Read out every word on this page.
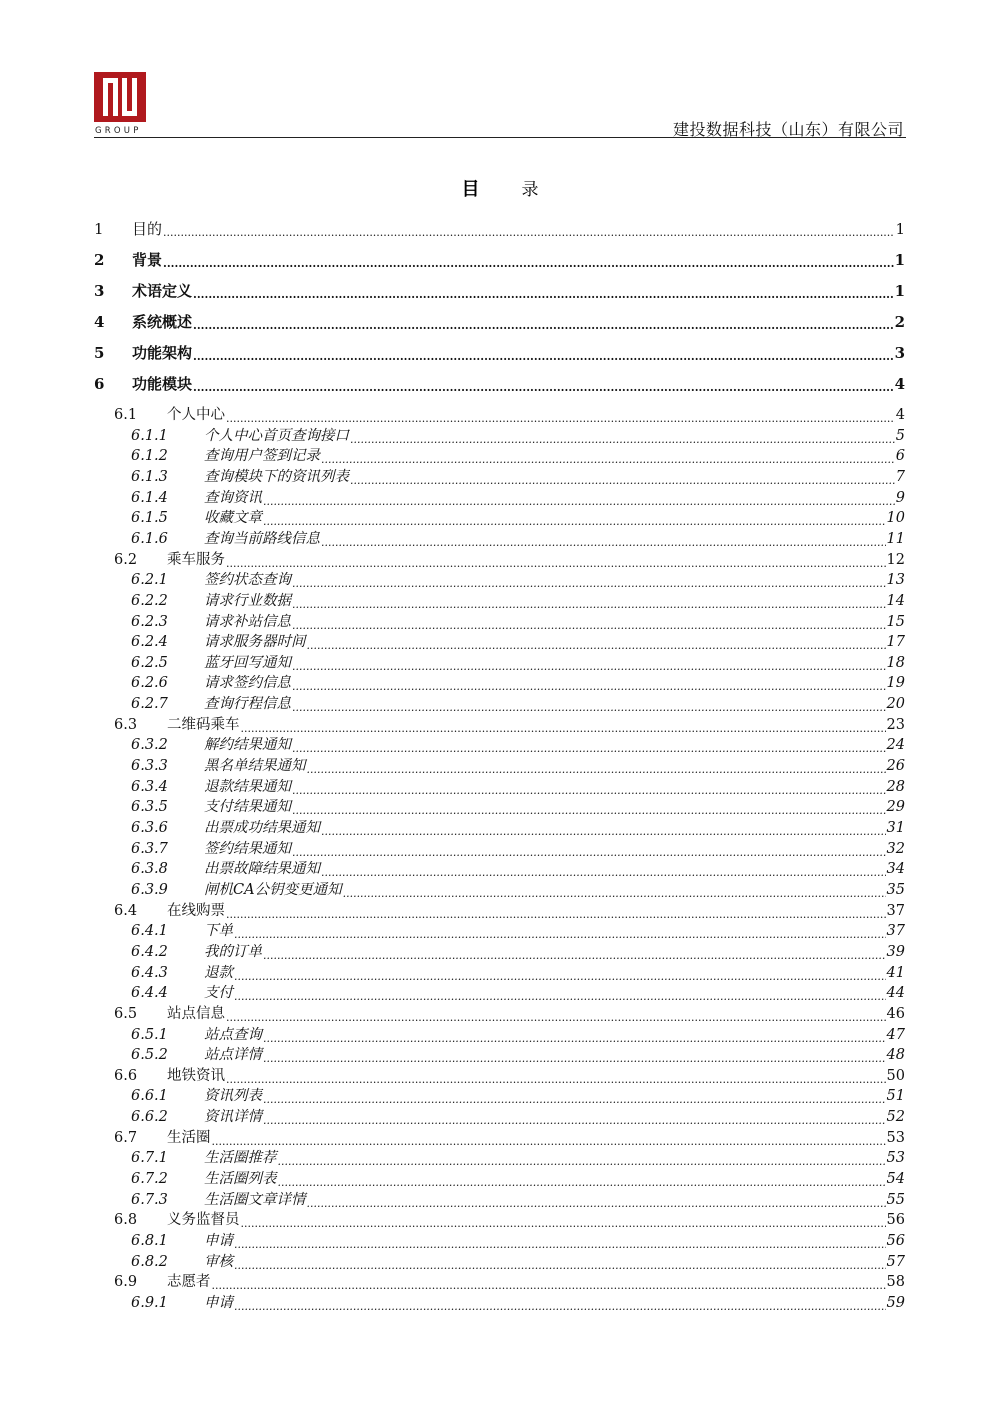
GROUP	建投数据科技（山东）有限公司
目 录
1	目的 .....	1
2	背景 .....	1
3	术语定义 .....	1
4	系统概述 .....	2
5	功能架构 .....	3
6	功能模块 .....	4
6.1	个人中心 .....	4
6.1.1	个人中心首页查询接口 .....	5
6.1.2	查询用户签到记录 .....	6
6.1.3	查询模块下的资讯列表 .....	7
6.1.4	查询资讯 .....	9
6.1.5	收藏文章 .....	10
6.1.6	查询当前路线信息 .....	11
6.2	乘车服务 .....	12
6.2.1	签约状态查询 .....	13
6.2.2	请求行业数据 .....	14
6.2.3	请求补站信息 .....	15
6.2.4	请求服务器时间 .....	17
6.2.5	蓝牙回写通知 .....	18
6.2.6	请求签约信息 .....	19
6.2.7	查询行程信息 .....	20
6.3	二维码乘车 .....	23
6.3.2	解约结果通知 .....	24
6.3.3	黑名单结果通知 .....	26
6.3.4	退款结果通知 .....	28
6.3.5	支付结果通知 .....	29
6.3.6	出票成功结果通知 .....	31
6.3.7	签约结果通知 .....	32
6.3.8	出票故障结果通知 .....	34
6.3.9	闸机CA公钥变更通知 .....	35
6.4	在线购票 .....	37
6.4.1	下单 .....	37
6.4.2	我的订单 .....	39
6.4.3	退款 .....	41
6.4.4	支付 .....	44
6.5	站点信息 .....	46
6.5.1	站点查询 .....	47
6.5.2	站点详情 .....	48
6.6	地铁资讯 .....	50
6.6.1	资讯列表 .....	51
6.6.2	资讯详情 .....	52
6.7	生活圈 .....	53
6.7.1	生活圈推荐 .....	53
6.7.2	生活圈列表 .....	54
6.7.3	生活圈文章详情 .....	55
6.8	义务监督员 .....	56
6.8.1	申请 .....	56
6.8.2	审核 .....	57
6.9	志愿者 .....	58
6.9.1	申请 .....	59
